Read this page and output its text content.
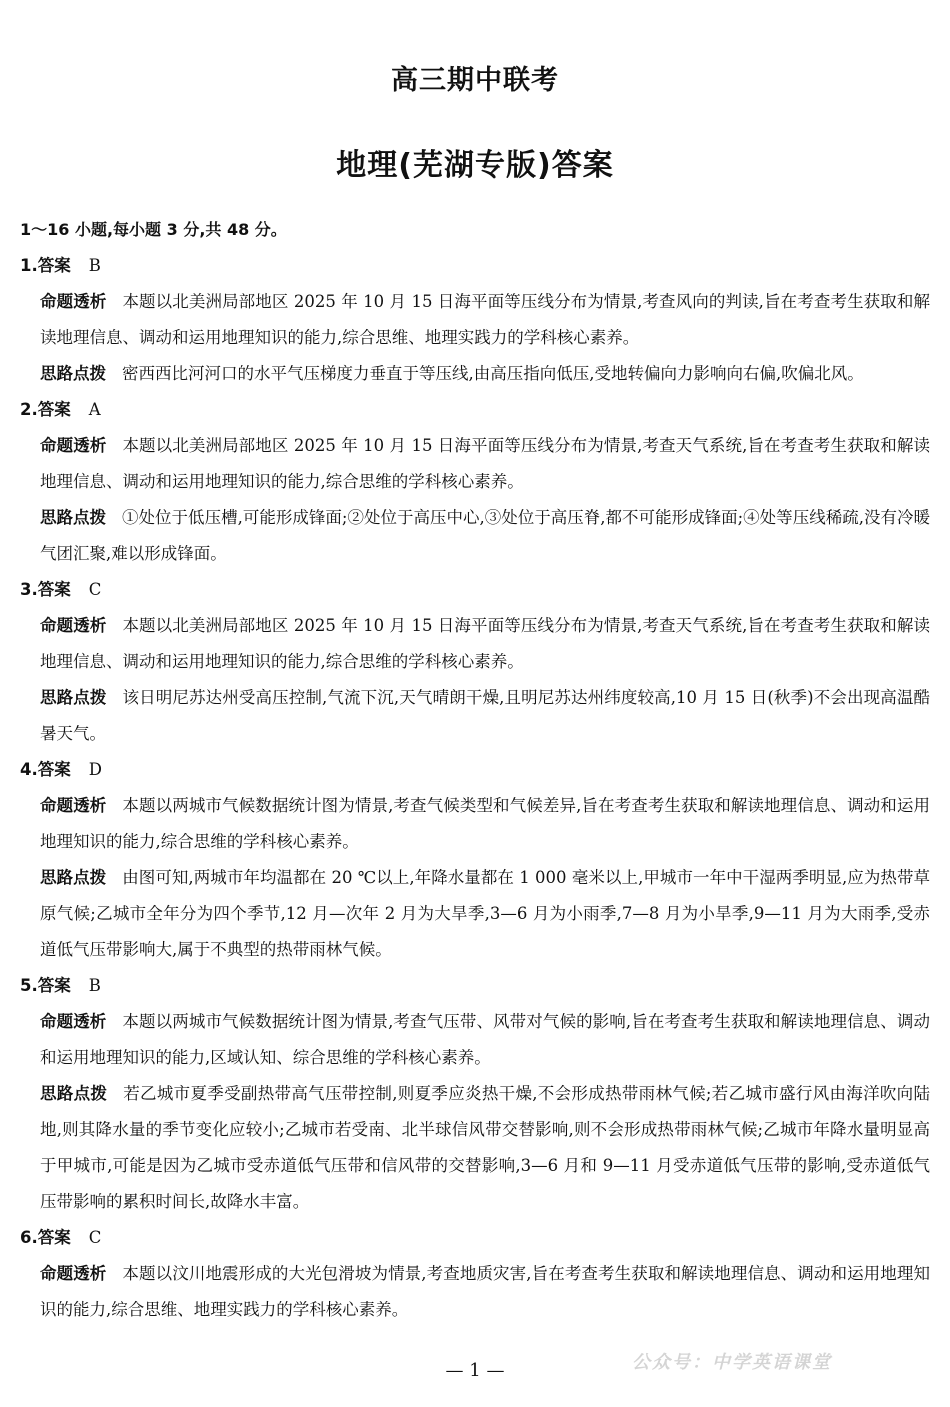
高三期中联考
地理(芜湖专版)答案
1～16 小题,每小题 3 分,共 48 分。
1.答案 B
命题透析 本题以北美洲局部地区 2025 年 10 月 15 日海平面等压线分布为情景,考查风向的判读,旨在考查考生获取和解读地理信息、调动和运用地理知识的能力,综合思维、地理实践力的学科核心素养。
思路点拨 密西西比河河口的水平气压梯度力垂直于等压线,由高压指向低压,受地转偏向力影响向右偏,吹偏北风。
2.答案 A
命题透析 本题以北美洲局部地区 2025 年 10 月 15 日海平面等压线分布为情景,考查天气系统,旨在考查考生获取和解读地理信息、调动和运用地理知识的能力,综合思维的学科核心素养。
思路点拨 ①处位于低压槽,可能形成锋面;②处位于高压中心,③处位于高压脊,都不可能形成锋面;④处等压线稀疏,没有冷暖气团汇聚,难以形成锋面。
3.答案 C
命题透析 本题以北美洲局部地区 2025 年 10 月 15 日海平面等压线分布为情景,考查天气系统,旨在考查考生获取和解读地理信息、调动和运用地理知识的能力,综合思维的学科核心素养。
思路点拨 该日明尼苏达州受高压控制,气流下沉,天气晴朗干燥,且明尼苏达州纬度较高,10 月 15 日(秋季)不会出现高温酷暑天气。
4.答案 D
命题透析 本题以两城市气候数据统计图为情景,考查气候类型和气候差异,旨在考查考生获取和解读地理信息、调动和运用地理知识的能力,综合思维的学科核心素养。
思路点拨 由图可知,两城市年均温都在 20 ℃以上,年降水量都在 1 000 毫米以上,甲城市一年中干湿两季明显,应为热带草原气候;乙城市全年分为四个季节,12 月—次年 2 月为大旱季,3—6 月为小雨季,7—8 月为小旱季,9—11 月为大雨季,受赤道低气压带影响大,属于不典型的热带雨林气候。
5.答案 B
命题透析 本题以两城市气候数据统计图为情景,考查气压带、风带对气候的影响,旨在考查考生获取和解读地理信息、调动和运用地理知识的能力,区域认知、综合思维的学科核心素养。
思路点拨 若乙城市夏季受副热带高气压带控制,则夏季应炎热干燥,不会形成热带雨林气候;若乙城市盛行风由海洋吹向陆地,则其降水量的季节变化应较小;乙城市若受南、北半球信风带交替影响,则不会形成热带雨林气候;乙城市年降水量明显高于甲城市,可能是因为乙城市受赤道低气压带和信风带的交替影响,3—6 月和 9—11 月受赤道低气压带的影响,受赤道低气压带影响的累积时间长,故降水丰富。
6.答案 C
命题透析 本题以汶川地震形成的大光包滑坡为情景,考查地质灾害,旨在考查考生获取和解读地理信息、调动和运用地理知识的能力,综合思维、地理实践力的学科核心素养。
公众号：中学英语课堂
— 1 —
